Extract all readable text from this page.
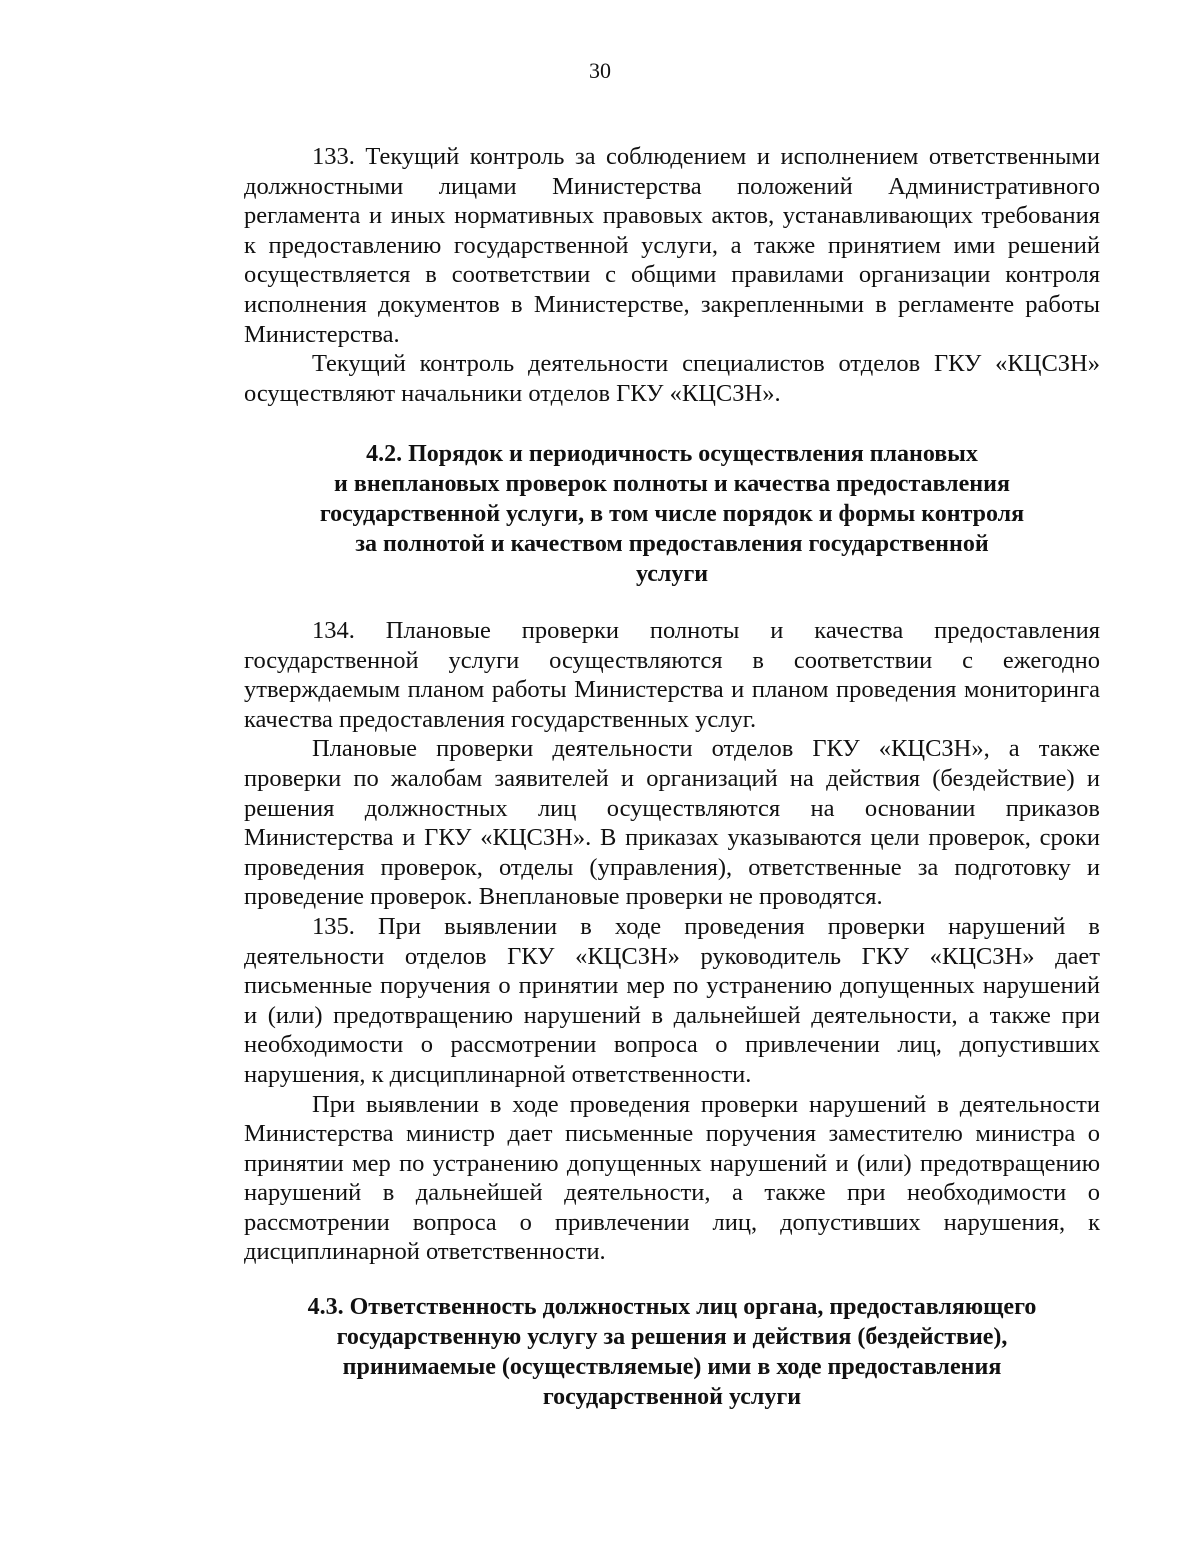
30

133. Текущий контроль за соблюдением и исполнением ответственными должностными лицами Министерства положений Административного регламента и иных нормативных правовых актов, устанавливающих требования к предоставлению государственной услуги, а также принятием ими решений осуществляется в соответствии с общими правилами организации контроля исполнения документов в Министерстве, закрепленными в регламенте работы Министерства.

Текущий контроль деятельности специалистов отделов ГКУ «КЦСЗН» осуществляют начальники отделов ГКУ «КЦСЗН».

4.2. Порядок и периодичность осуществления плановых
и внеплановых проверок полноты и качества предоставления
государственной услуги, в том числе порядок и формы контроля
за полнотой и качеством предоставления государственной
услуги

134. Плановые проверки полноты и качества предоставления государственной услуги осуществляются в соответствии с ежегодно утверждаемым планом работы Министерства и планом проведения мониторинга качества предоставления государственных услуг.

Плановые проверки деятельности отделов ГКУ «КЦСЗН», а также проверки по жалобам заявителей и организаций на действия (бездействие) и решения должностных лиц осуществляются на основании приказов Министерства и ГКУ «КЦСЗН». В приказах указываются цели проверок, сроки проведения проверок, отделы (управления), ответственные за подготовку и проведение проверок. Внеплановые проверки не проводятся.

135. При выявлении в ходе проведения проверки нарушений в деятельности отделов ГКУ «КЦСЗН» руководитель ГКУ «КЦСЗН» дает письменные поручения о принятии мер по устранению допущенных нарушений и (или) предотвращению нарушений в дальнейшей деятельности, а также при необходимости о рассмотрении вопроса о привлечении лиц, допустивших нарушения, к дисциплинарной ответственности.

При выявлении в ходе проведения проверки нарушений в деятельности Министерства министр дает письменные поручения заместителю министра о принятии мер по устранению допущенных нарушений и (или) предотвращению нарушений в дальнейшей деятельности, а также при необходимости о рассмотрении вопроса о привлечении лиц, допустивших нарушения, к дисциплинарной ответственности.

4.3. Ответственность должностных лиц органа, предоставляющего
государственную услугу за решения и действия (бездействие),
принимаемые (осуществляемые) ими в ходе предоставления
государственной услуги
